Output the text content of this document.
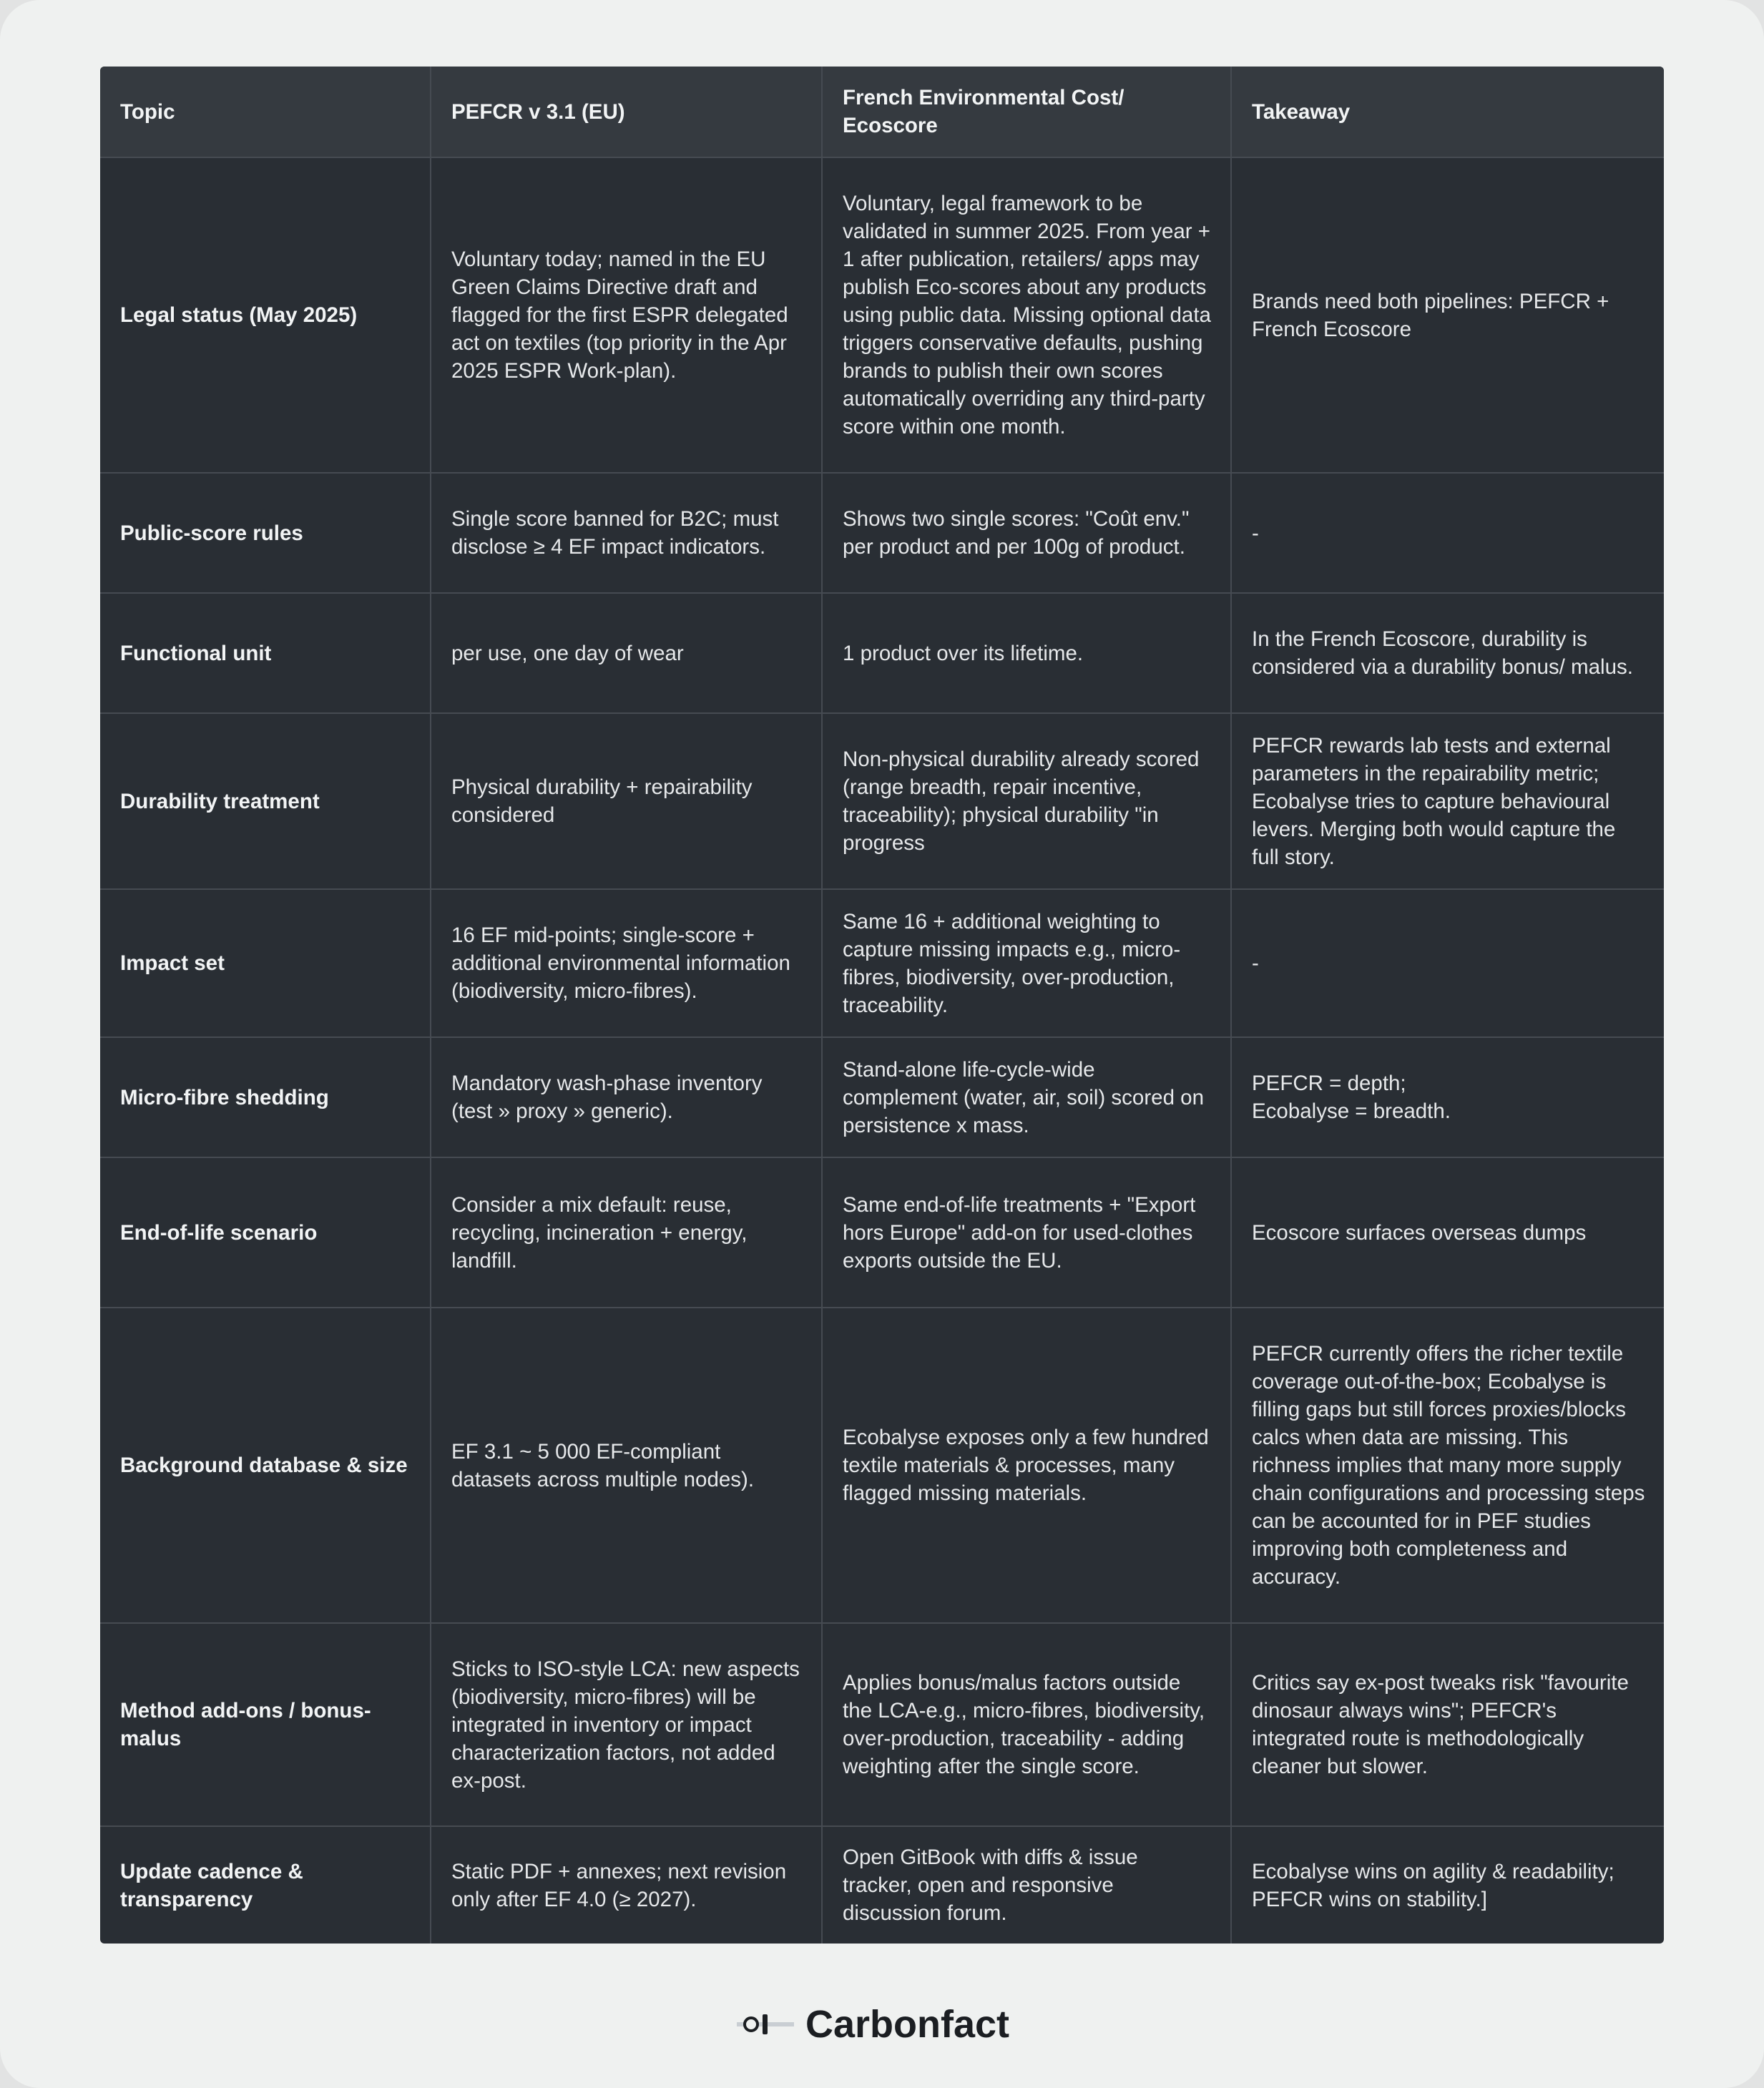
Topic	PEFCR v 3.1 (EU)	French Environmental Cost/
Ecoscore	Takeaway
Legal status (May 2025)	Voluntary today; named in the EU Green Claims Directive draft and flagged for the first ESPR delegated act on textiles (top priority in the Apr 2025 ESPR Work-plan).	Voluntary, legal framework to be validated in summer 2025. From year + 1 after publication, retailers/ apps may publish Eco-scores about any products using public data. Missing optional data triggers conservative defaults, pushing brands to publish their own scores automatically overriding any third-party score within one month.	Brands need both pipelines: PEFCR + French Ecoscore
Public-score rules	Single score banned for B2C; must disclose ≥ 4 EF impact indicators.	Shows two single scores: "Coût env." per product and per 100g of product.	-
Functional unit	per use, one day of wear	1 product over its lifetime.	In the French Ecoscore, durability is considered via a durability bonus/ malus.
Durability treatment	Physical durability + repairability considered	Non-physical durability already scored (range breadth, repair incentive, traceability); physical durability "in progress	PEFCR rewards lab tests and external parameters in the repairability metric; Ecobalyse tries to capture behavioural levers. Merging both would capture the full story.
Impact set	16 EF mid-points; single-score + additional environmental information (biodiversity, micro-fibres).	Same 16 + additional weighting to capture missing impacts e.g., micro-fibres, biodiversity, over-production, traceability.	-
Micro-fibre shedding	Mandatory wash-phase inventory (test » proxy » generic).	Stand-alone life-cycle-wide complement (water, air, soil) scored on persistence x mass.	PEFCR = depth;
Ecobalyse = breadth.
End-of-life scenario	Consider a mix default: reuse, recycling, incineration + energy, landfill.	Same end-of-life treatments + "Export hors Europe" add-on for used-clothes exports outside the EU.	Ecoscore surfaces overseas dumps
Background database & size	EF 3.1 ~ 5 000 EF-compliant datasets across multiple nodes).	Ecobalyse exposes only a few hundred textile materials & processes, many flagged missing materials.	PEFCR currently offers the richer textile coverage out-of-the-box; Ecobalyse is filling gaps but still forces proxies/blocks calcs when data are missing. This richness implies that many more supply chain configurations and processing steps can be accounted for in PEF studies improving both completeness and accuracy.
Method add-ons / bonus-malus	Sticks to ISO-style LCA: new aspects (biodiversity, micro-fibres) will be integrated in inventory or impact characterization factors, not added ex-post.	Applies bonus/malus factors outside the LCA-e.g., micro-fibres, biodiversity, over-production, traceability - adding weighting after the single score.	Critics say ex-post tweaks risk "favourite dinosaur always wins"; PEFCR's integrated route is methodologically cleaner but slower.
Update cadence & transparency	Static PDF + annexes; next revision only after EF 4.0 (≥ 2027).	Open GitBook with diffs & issue tracker, open and responsive discussion forum.	Ecobalyse wins on agility & readability; PEFCR wins on stability.]
Carbonfact
